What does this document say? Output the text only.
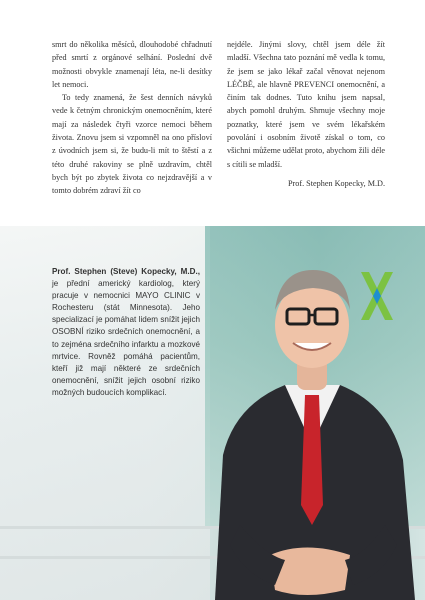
smrt do několika měsíců, dlouhodobé chřadnutí před smrtí z orgánové selhání. Poslední dvě možnosti obvykle znamenají léta, ne-li desítky let nemoci.

To tedy znamená, že šest denních návyků vede k četným chronickým onemocněním, které mají za následek čtyři vzorce nemoci během života. Znovu jsem si vzpomněl na ono přísloví z úvodních jsem si, že budu-li mít to štěstí a z této druhé rakoviny se plně uzdravím, chtěl bych být po zbytek života co nejzdravější a v tomto dobrém zdraví žít co

nejdéle. Jinými slovy, chtěl jsem déle žít mladší. Všechna tato poznání mě vedla k tomu, že jsem se jako lékař začal věnovat nejenom LÉČBĚ, ale hlavně PREVENCI onemocnění, a činím tak dodnes. Tuto knihu jsem napsal, abych pomohl druhým. Shrnuje všechny moje poznatky, které jsem ve svém lékařském povolání i osobním životě získal o tom, co všichni můžeme udělat proto, abychom žili déle s cítili se mladší.

Prof. Stephen Kopecky, M.D.
Prof. Stephen (Steve) Kopecky, M.D., je přední americký kardiolog, který pracuje v nemocnici MAYO CLINIC v Rochesteru (stát Minnesota). Jeho specializací je pomáhat lidem snížit jejich OSOBNÍ riziko srdečních onemocnění, a to zejména srdečního infarktu a mozkové mrtvice. Rovněž pomáhá pacientům, kteří již mají některé ze srdečních onemocnění, snížit jejich osobní riziko možných budoucích komplikací.
